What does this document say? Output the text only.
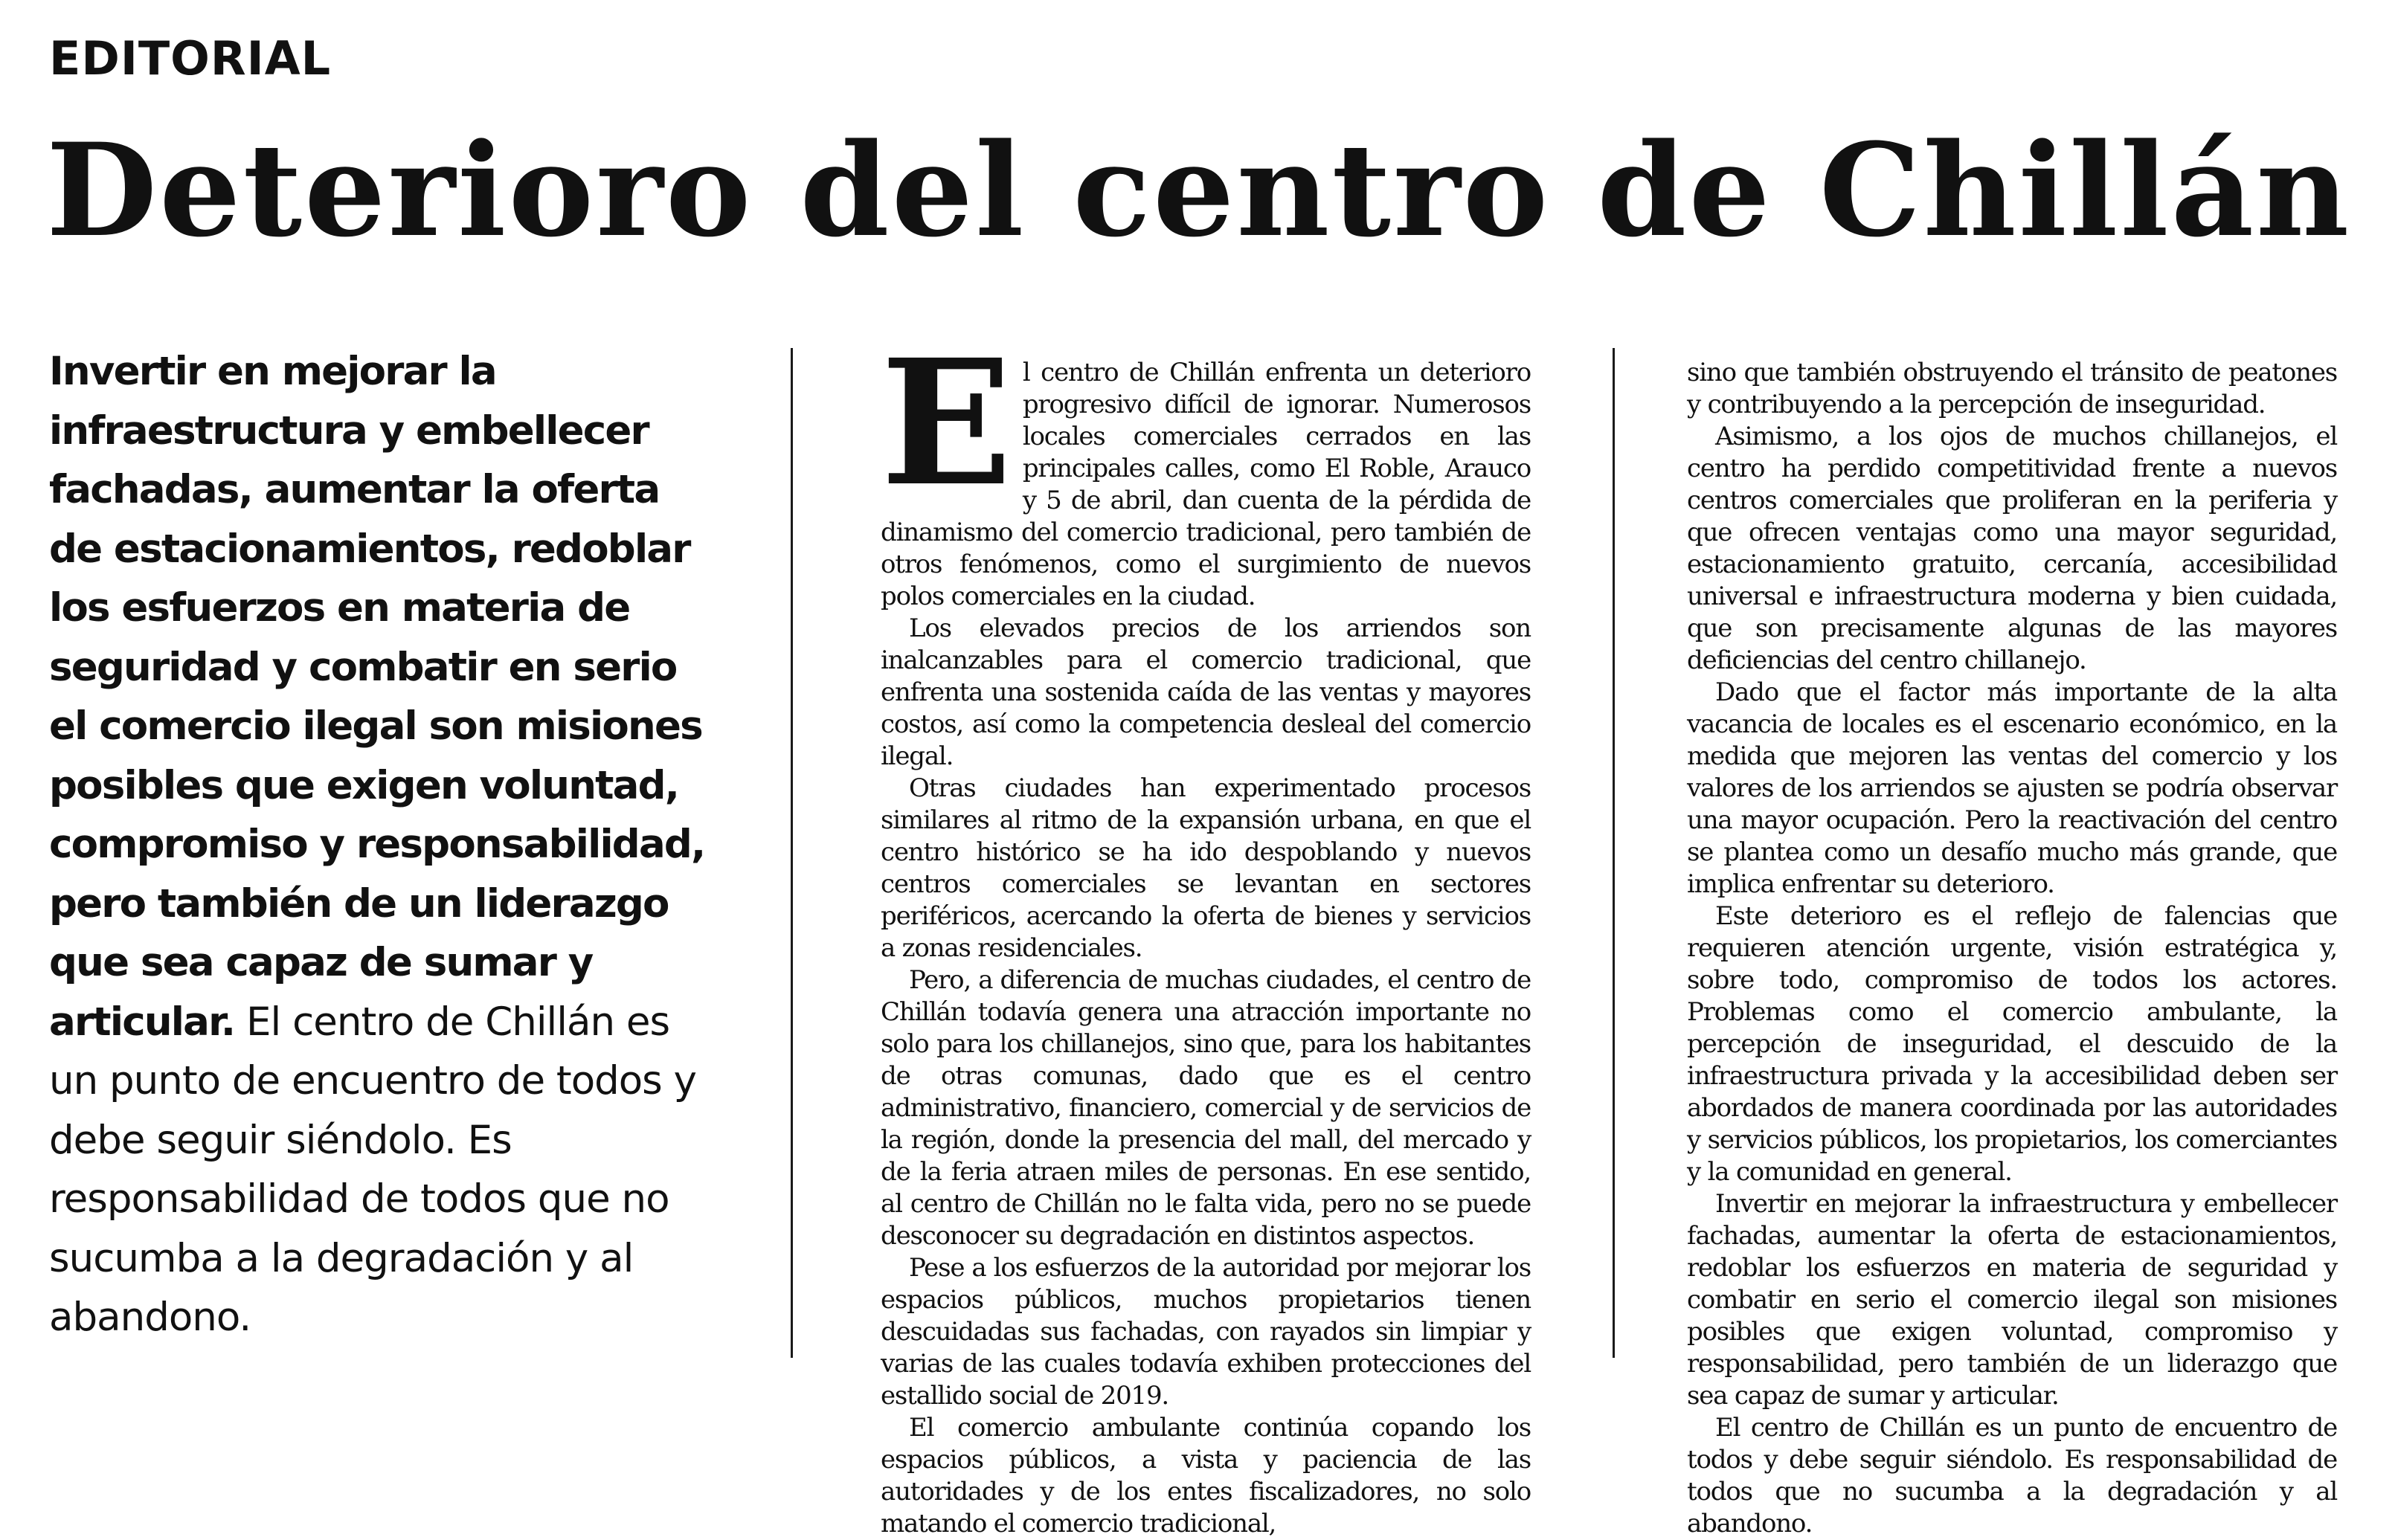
EDITORIAL
Deterioro del centro de Chillán

Invertir en mejorar la infraestructura y embellecer fachadas, aumentar la oferta de estacionamientos, redoblar los esfuerzos en materia de seguridad y combatir en serio el comercio ilegal son misiones posibles que exigen voluntad, compromiso y responsabilidad, pero también de un liderazgo que sea capaz de sumar y articular. El centro de Chillán es un punto de encuentro de todos y debe seguir siéndolo. Es responsabilidad de todos que no sucumba a la degradación y al abandono.

El centro de Chillán enfrenta un deterioro progresivo difícil de ignorar. Numerosos locales comerciales cerrados en las principales calles, como El Roble, Arauco y 5 de abril, dan cuenta de la pérdida de dinamismo del comercio tradicional, pero también de otros fenómenos, como el surgimiento de nuevos polos comerciales en la ciudad.

Los elevados precios de los arriendos son inalcanzables para el comercio tradicional, que enfrenta una sostenida caída de las ventas y mayores costos, así como la competencia desleal del comercio ilegal.

Otras ciudades han experimentado procesos similares al ritmo de la expansión urbana, en que el centro histórico se ha ido despoblando y nuevos centros comerciales se levantan en sectores periféricos, acercando la oferta de bienes y servicios a zonas residenciales.

Pero, a diferencia de muchas ciudades, el centro de Chillán todavía genera una atracción importante no solo para los chillanejos, sino que, para los habitantes de otras comunas, dado que es el centro administrativo, financiero, comercial y de servicios de la región, donde la presencia del mall, del mercado y de la feria atraen miles de personas. En ese sentido, al centro de Chillán no le falta vida, pero no se puede desconocer su degradación en distintos aspectos.

Pese a los esfuerzos de la autoridad por mejorar los espacios públicos, muchos propietarios tienen descuidadas sus fachadas, con rayados sin limpiar y varias de las cuales todavía exhiben protecciones del estallido social de 2019.

El comercio ambulante continúa copando los espacios públicos, a vista y paciencia de las autoridades y de los entes fiscalizadores, no solo matando el comercio tradicional,

sino que también obstruyendo el tránsito de peatones y contribuyendo a la percepción de inseguridad.

Asimismo, a los ojos de muchos chillanejos, el centro ha perdido competitividad frente a nuevos centros comerciales que proliferan en la periferia y que ofrecen ventajas como una mayor seguridad, estacionamiento gratuito, cercanía, accesibilidad universal e infraestructura moderna y bien cuidada, que son precisamente algunas de las mayores deficiencias del centro chillanejo.

Dado que el factor más importante de la alta vacancia de locales es el escenario económico, en la medida que mejoren las ventas del comercio y los valores de los arriendos se ajusten se podría observar una mayor ocupación. Pero la reactivación del centro se plantea como un desafío mucho más grande, que implica enfrentar su deterioro.

Este deterioro es el reflejo de falencias que requieren atención urgente, visión estratégica y, sobre todo, compromiso de todos los actores. Problemas como el comercio ambulante, la percepción de inseguridad, el descuido de la infraestructura privada y la accesibilidad deben ser abordados de manera coordinada por las autoridades y servicios públicos, los propietarios, los comerciantes y la comunidad en general.

Invertir en mejorar la infraestructura y embellecer fachadas, aumentar la oferta de estacionamientos, redoblar los esfuerzos en materia de seguridad y combatir en serio el comercio ilegal son misiones posibles que exigen voluntad, compromiso y responsabilidad, pero también de un liderazgo que sea capaz de sumar y articular.

El centro de Chillán es un punto de encuentro de todos y debe seguir siéndolo. Es responsabilidad de todos que no sucumba a la degradación y al abandono.
